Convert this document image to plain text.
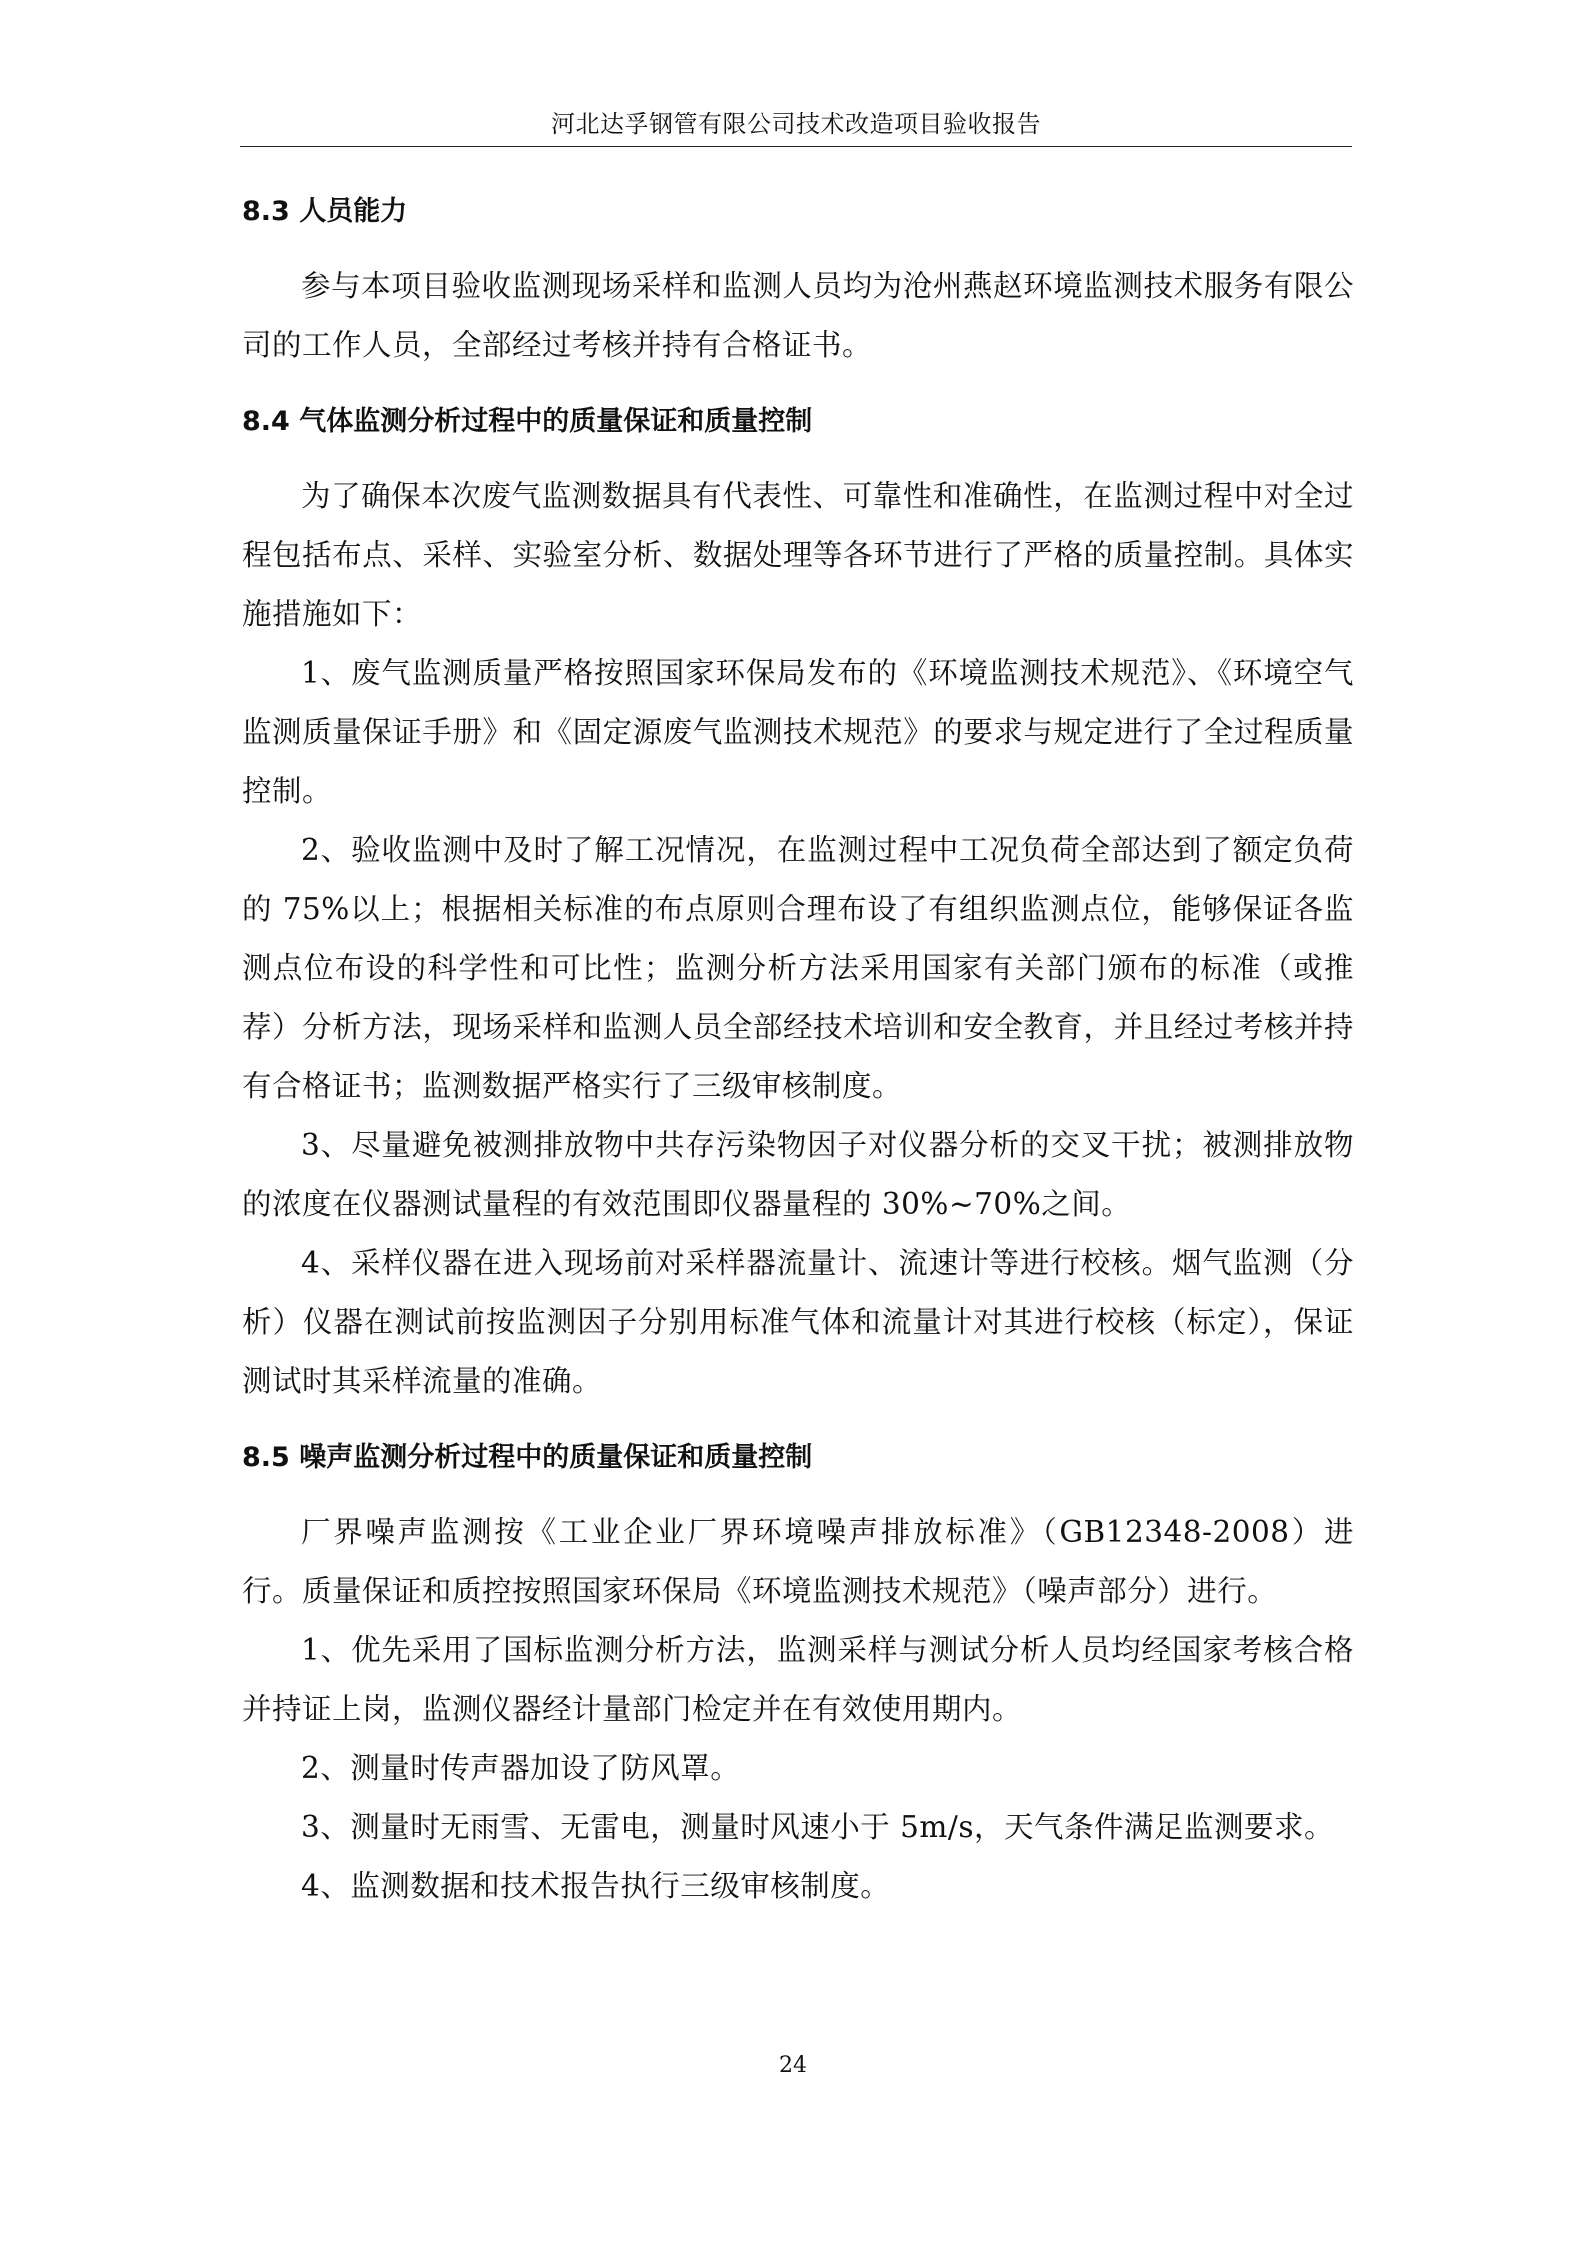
河北达孚钢管有限公司技术改造项目验收报告
8.3 人员能力

参与本项目验收监测现场采样和监测人员均为沧州燕赵环境监测技术服务有限公司的工作人员，全部经过考核并持有合格证书。

8.4 气体监测分析过程中的质量保证和质量控制

为了确保本次废气监测数据具有代表性、可靠性和准确性，在监测过程中对全过程包括布点、采样、实验室分析、数据处理等各环节进行了严格的质量控制。具体实施措施如下：

1、废气监测质量严格按照国家环保局发布的《环境监测技术规范》、《环境空气监测质量保证手册》和《固定源废气监测技术规范》的要求与规定进行了全过程质量控制。

2、验收监测中及时了解工况情况，在监测过程中工况负荷全部达到了额定负荷的 75%以上；根据相关标准的布点原则合理布设了有组织监测点位，能够保证各监测点位布设的科学性和可比性；监测分析方法采用国家有关部门颁布的标准（或推荐）分析方法，现场采样和监测人员全部经技术培训和安全教育，并且经过考核并持有合格证书；监测数据严格实行了三级审核制度。

3、尽量避免被测排放物中共存污染物因子对仪器分析的交叉干扰；被测排放物的浓度在仪器测试量程的有效范围即仪器量程的 30%~70%之间。

4、采样仪器在进入现场前对采样器流量计、流速计等进行校核。烟气监测（分析）仪器在测试前按监测因子分别用标准气体和流量计对其进行校核（标定），保证测试时其采样流量的准确。

8.5 噪声监测分析过程中的质量保证和质量控制

厂界噪声监测按《工业企业厂界环境噪声排放标准》（GB12348-2008）进行。质量保证和质控按照国家环保局《环境监测技术规范》（噪声部分）进行。

1、优先采用了国标监测分析方法，监测采样与测试分析人员均经国家考核合格并持证上岗，监测仪器经计量部门检定并在有效使用期内。

2、测量时传声器加设了防风罩。

3、测量时无雨雪、无雷电，测量时风速小于 5m/s，天气条件满足监测要求。

4、监测数据和技术报告执行三级审核制度。

24
